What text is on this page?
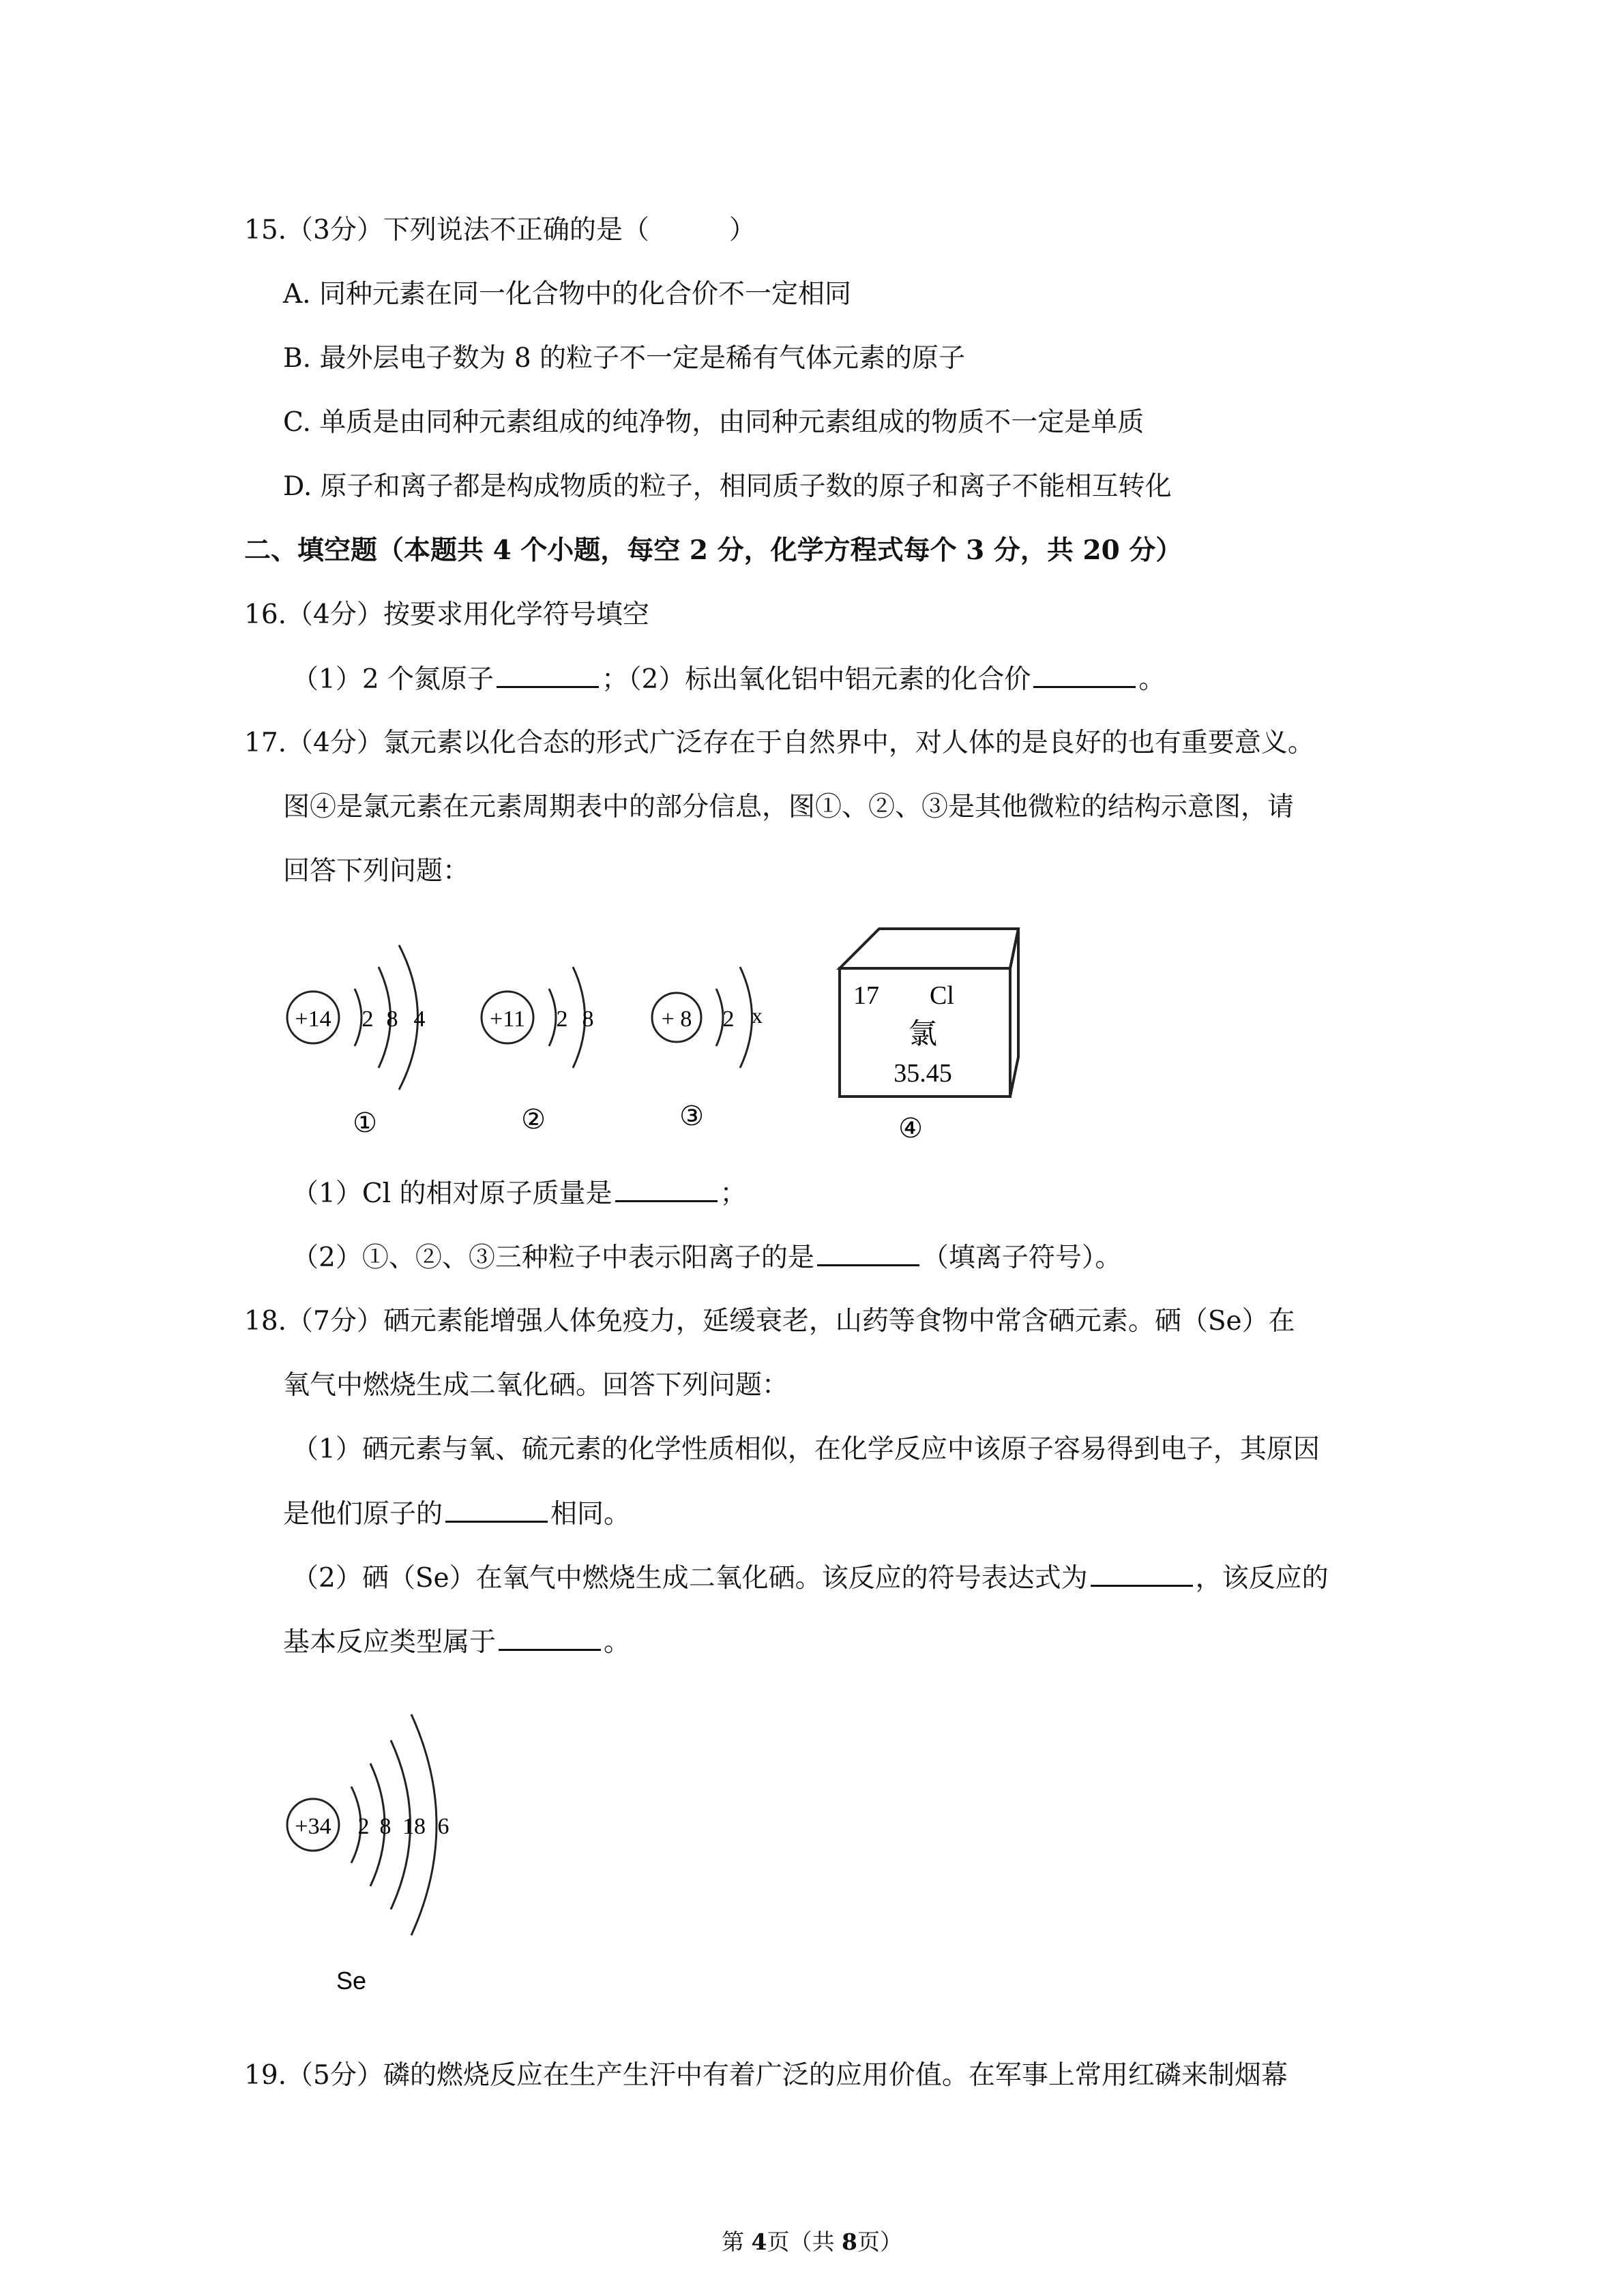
15.（3分）下列说法不正确的是（　　　）
A. 同种元素在同一化合物中的化合价不一定相同
B. 最外层电子数为 8 的粒子不一定是稀有气体元素的原子
C. 单质是由同种元素组成的纯净物，由同种元素组成的物质不一定是单质
D. 原子和离子都是构成物质的粒子，相同质子数的原子和离子不能相互转化
二、填空题（本题共 4 个小题，每空 2 分，化学方程式每个 3 分，共 20 分）
16.（4分）按要求用化学符号填空
（1）2 个氮原子	；（2）标出氧化铝中铝元素的化合价	。
17.（4分）氯元素以化合态的形式广泛存在于自然界中，对人体的是良好的也有重要意义。
图④是氯元素在元素周期表中的部分信息，图①、②、③是其他微粒的结构示意图，请
回答下列问题：
+14 2 8 4
①
+11 2 8
②
+ 8 2 x
③
17 Cl
氯
35.45
④
（1）Cl 的相对原子质量是	；
（2）①、②、③三种粒子中表示阳离子的是	（填离子符号）。
18.（7分）硒元素能增强人体免疫力，延缓衰老，山药等食物中常含硒元素。硒（Se）在
氧气中燃烧生成二氧化硒。回答下列问题：
（1）硒元素与氧、硫元素的化学性质相似，在化学反应中该原子容易得到电子，其原因
是他们原子的	相同。
（2）硒（Se）在氧气中燃烧生成二氧化硒。该反应的符号表达式为	，该反应的
基本反应类型属于	。
+34 2 8 18 6
Se
19.（5分）磷的燃烧反应在生产生汗中有着广泛的应用价值。在军事上常用红磷来制烟幕
第 4页（共 8页）
